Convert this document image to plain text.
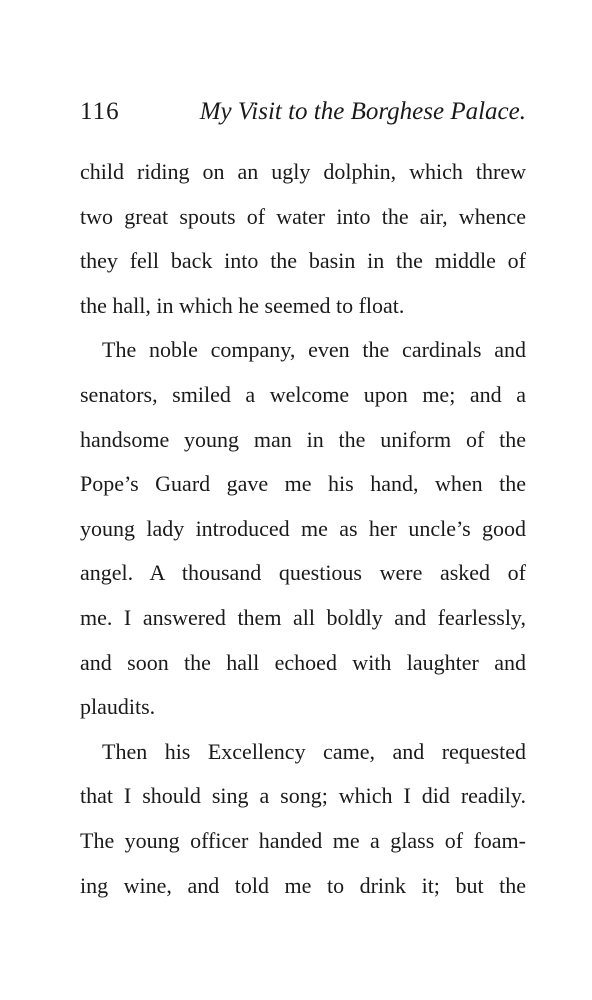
116	My Visit to the Borghese Palace.
child riding on an ugly dolphin, which threw
two great spouts of water into the air, whence
they fell back into the basin in the middle of
the hall, in which he seemed to float.
The noble company, even the cardinals and
senators, smiled a welcome upon me; and a
handsome young man in the uniform of the
Pope’s Guard gave me his hand, when the
young lady introduced me as her uncle’s good
angel. A thousand questious were asked of
me. I answered them all boldly and fearlessly,
and soon the hall echoed with laughter and
plaudits.
Then his Excellency came, and requested
that I should sing a song; which I did readily.
The young officer handed me a glass of foam-
ing wine, and told me to drink it; but the
